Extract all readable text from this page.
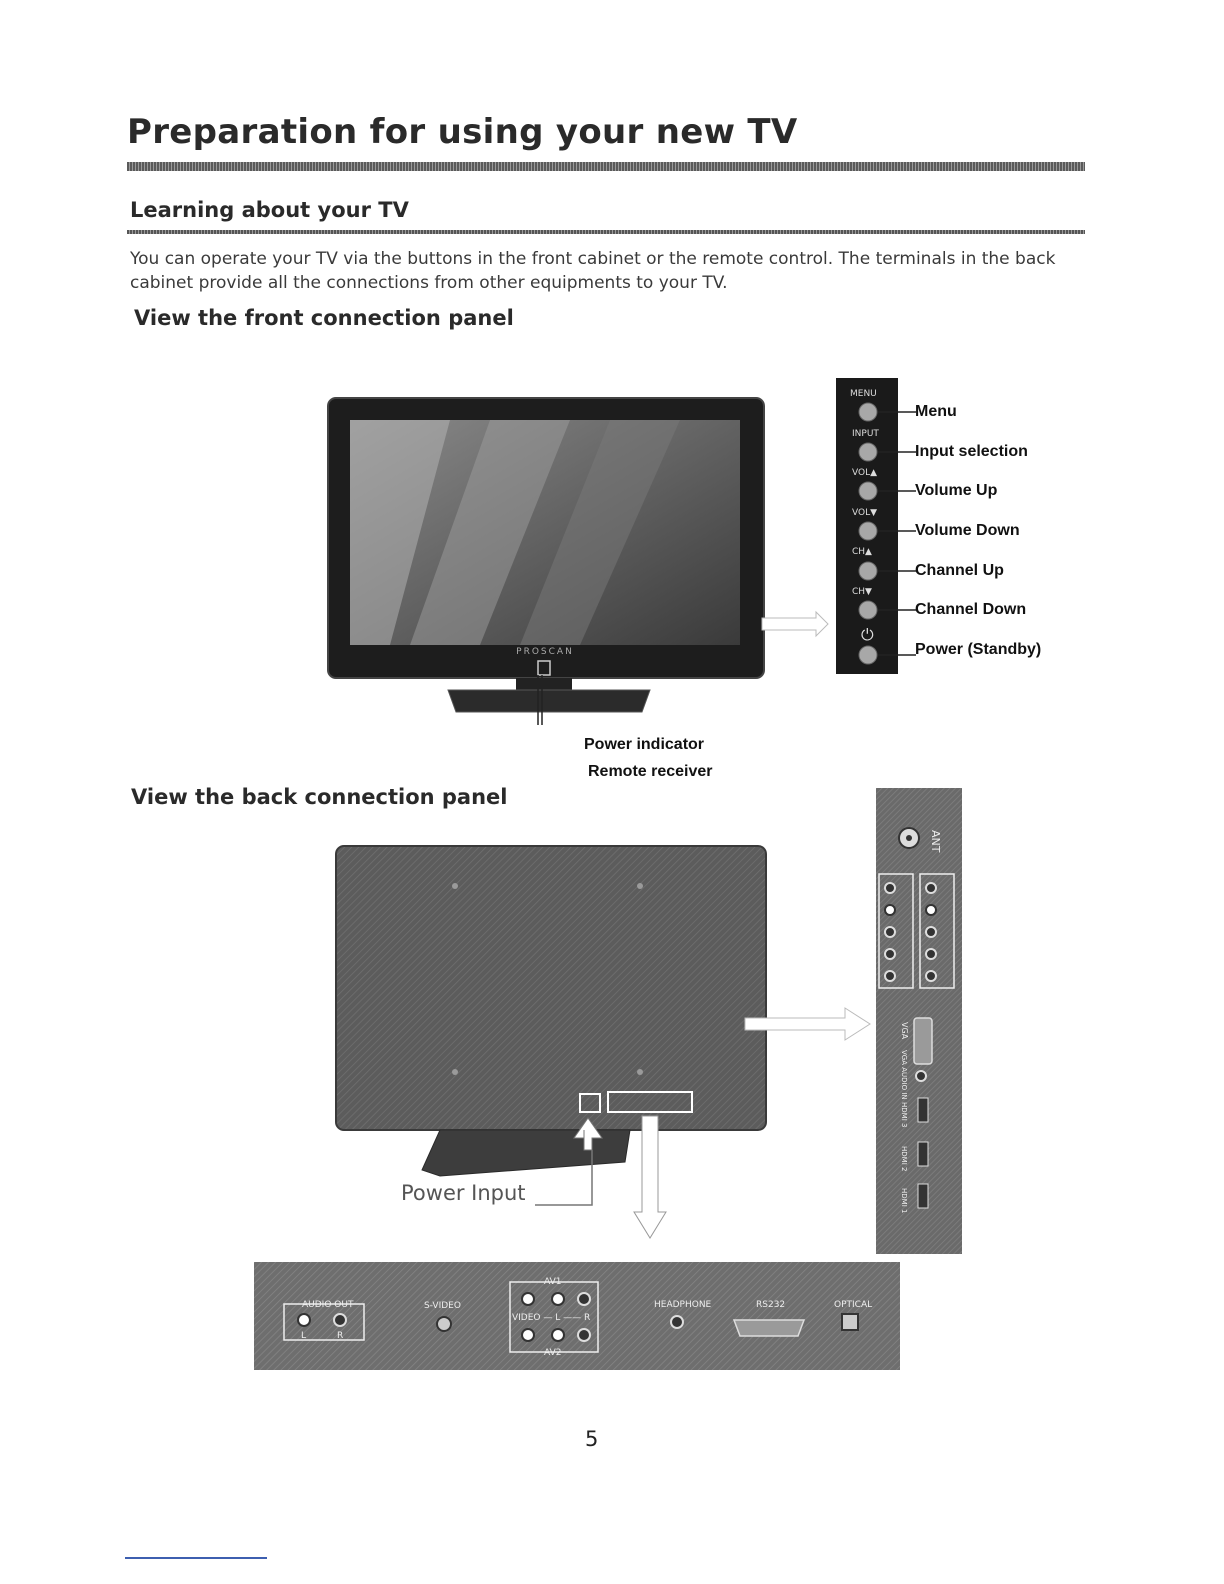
Preparation for using your new TV
Learning about your TV
You can operate your TV via the buttons in the front cabinet or the remote control. The terminals in the back cabinet provide all the connections from other equipments to your TV.
View the front connection panel
View the back connection panel
PROSCAN
Power indicator
Remote receiver
MENU
INPUT
VOL▲
VOL▼
CH▲
CH▼
⏻
Menu
Input selection
Volume Up
Volume Down
Channel Up
Channel Down
Power (Standby)
Power Input
ANT
VGA
VGA AUDIO IN
HDMI 3
HDMI 2
HDMI 1
AUDIO OUT
L	R
S-VIDEO
AV1
VIDEO — L —— R
AV2
HEADPHONE	RS232	OPTICAL
5
